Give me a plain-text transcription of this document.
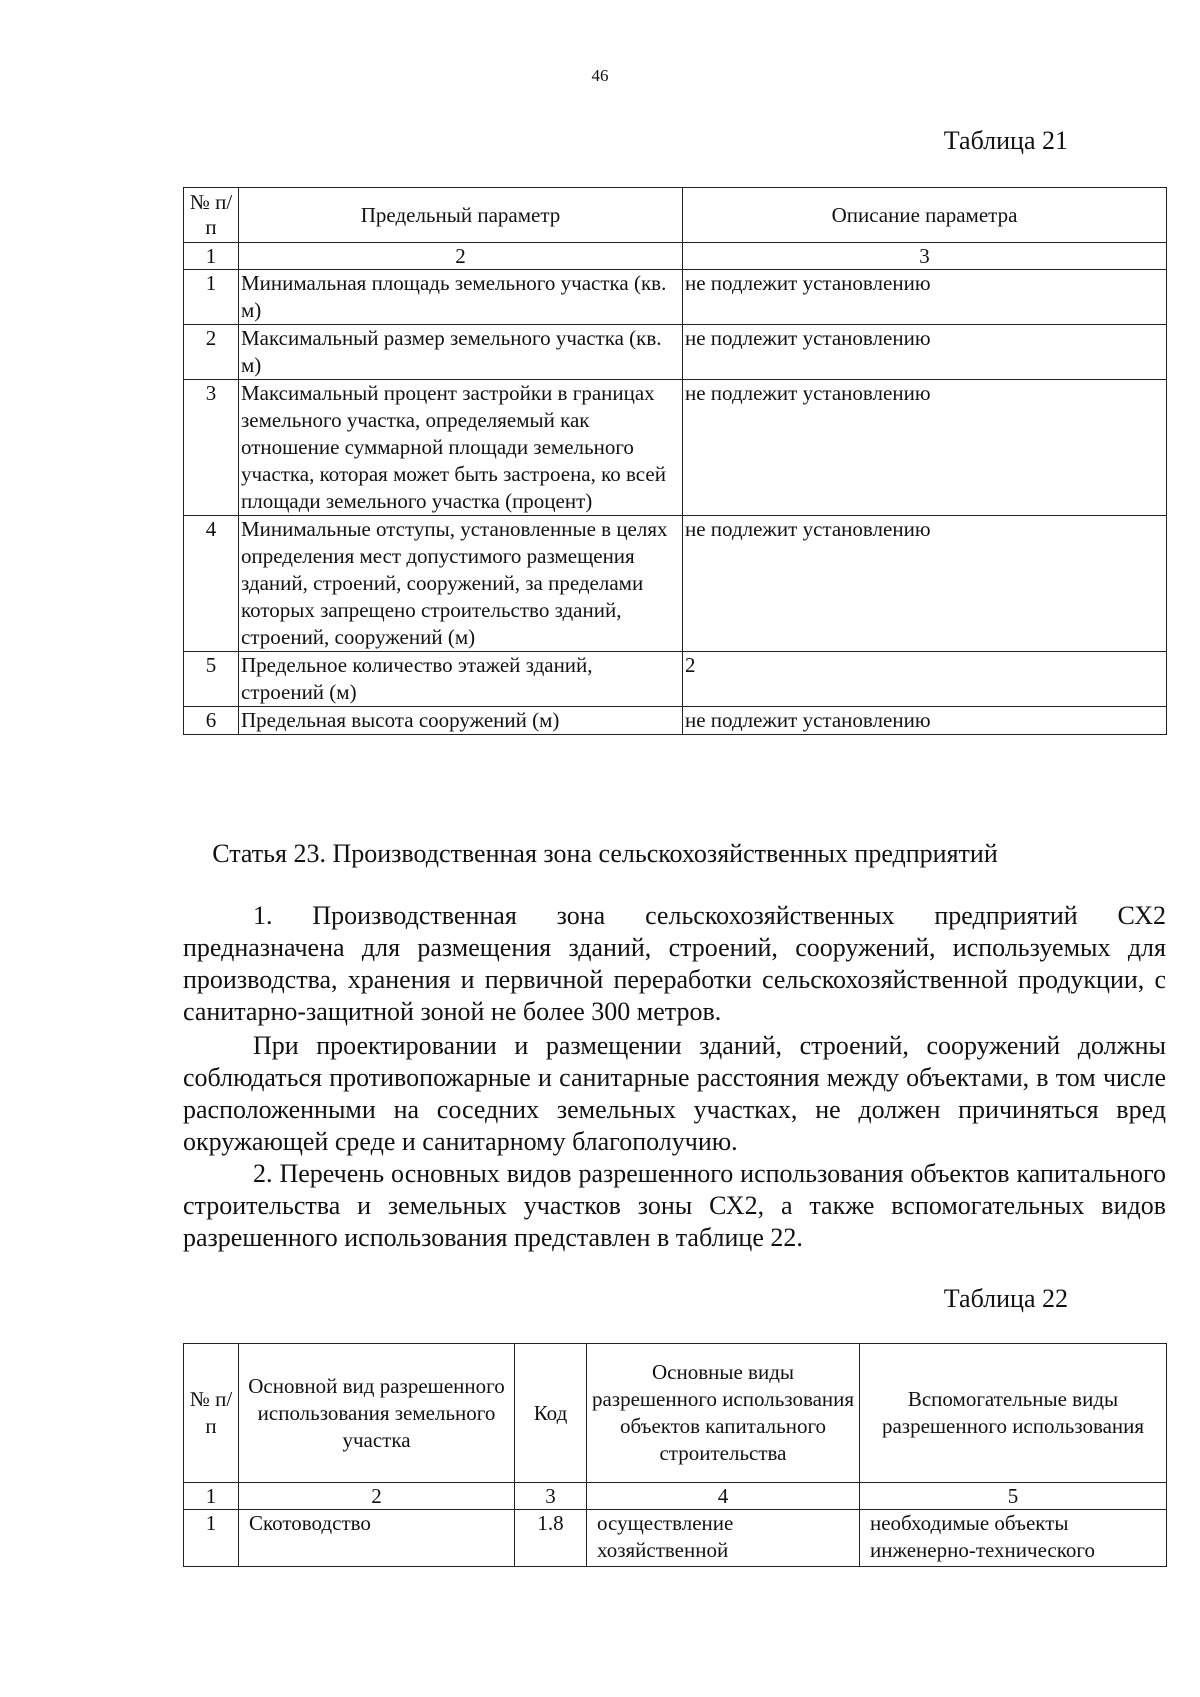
46
Таблица 21
№ п/п	Предельный параметр	Описание параметра
1	2	3
1	Минимальная площадь земельного участка (кв. м)	не подлежит установлению
2	Максимальный размер земельного участка (кв. м)	не подлежит установлению
3	Максимальный процент застройки в границах земельного участка, определяемый как отношение суммарной площади земельного участка, которая может быть застроена, ко всей площади земельного участка (процент)	не подлежит установлению
4	Минимальные отступы, установленные в целях определения мест допустимого размещения зданий, строений, сооружений, за пределами которых запрещено строительство зданий, строений, сооружений (м)	не подлежит установлению
5	Предельное количество этажей зданий, строений (м)	2
6	Предельная высота сооружений (м)	не подлежит установлению
Статья 23. Производственная зона сельскохозяйственных предприятий

1. Производственная зона сельскохозяйственных предприятий СХ2 предназначена для размещения зданий, строений, сооружений, используемых для производства, хранения и первичной переработки сельскохозяйственной продукции, с санитарно-защитной зоной не более 300 метров.

При проектировании и размещении зданий, строений, сооружений должны соблюдаться противопожарные и санитарные расстояния между объектами, в том числе расположенными на соседних земельных участках, не должен причиняться вред окружающей среде и санитарному благополучию.

2. Перечень основных видов разрешенного использования объектов капитального строительства и земельных участков зоны СХ2, а также вспомогательных видов разрешенного использования представлен в таблице 22.

Таблица 22
№ п/п	Основной вид разрешенного использования земельного участка	Код	Основные виды разрешенного использования объектов капитального строительства	Вспомогательные виды разрешенного использования
1	2	3	4	5
1	Скотоводство	1.8	осуществление хозяйственной	необходимые объекты инженерно-технического
